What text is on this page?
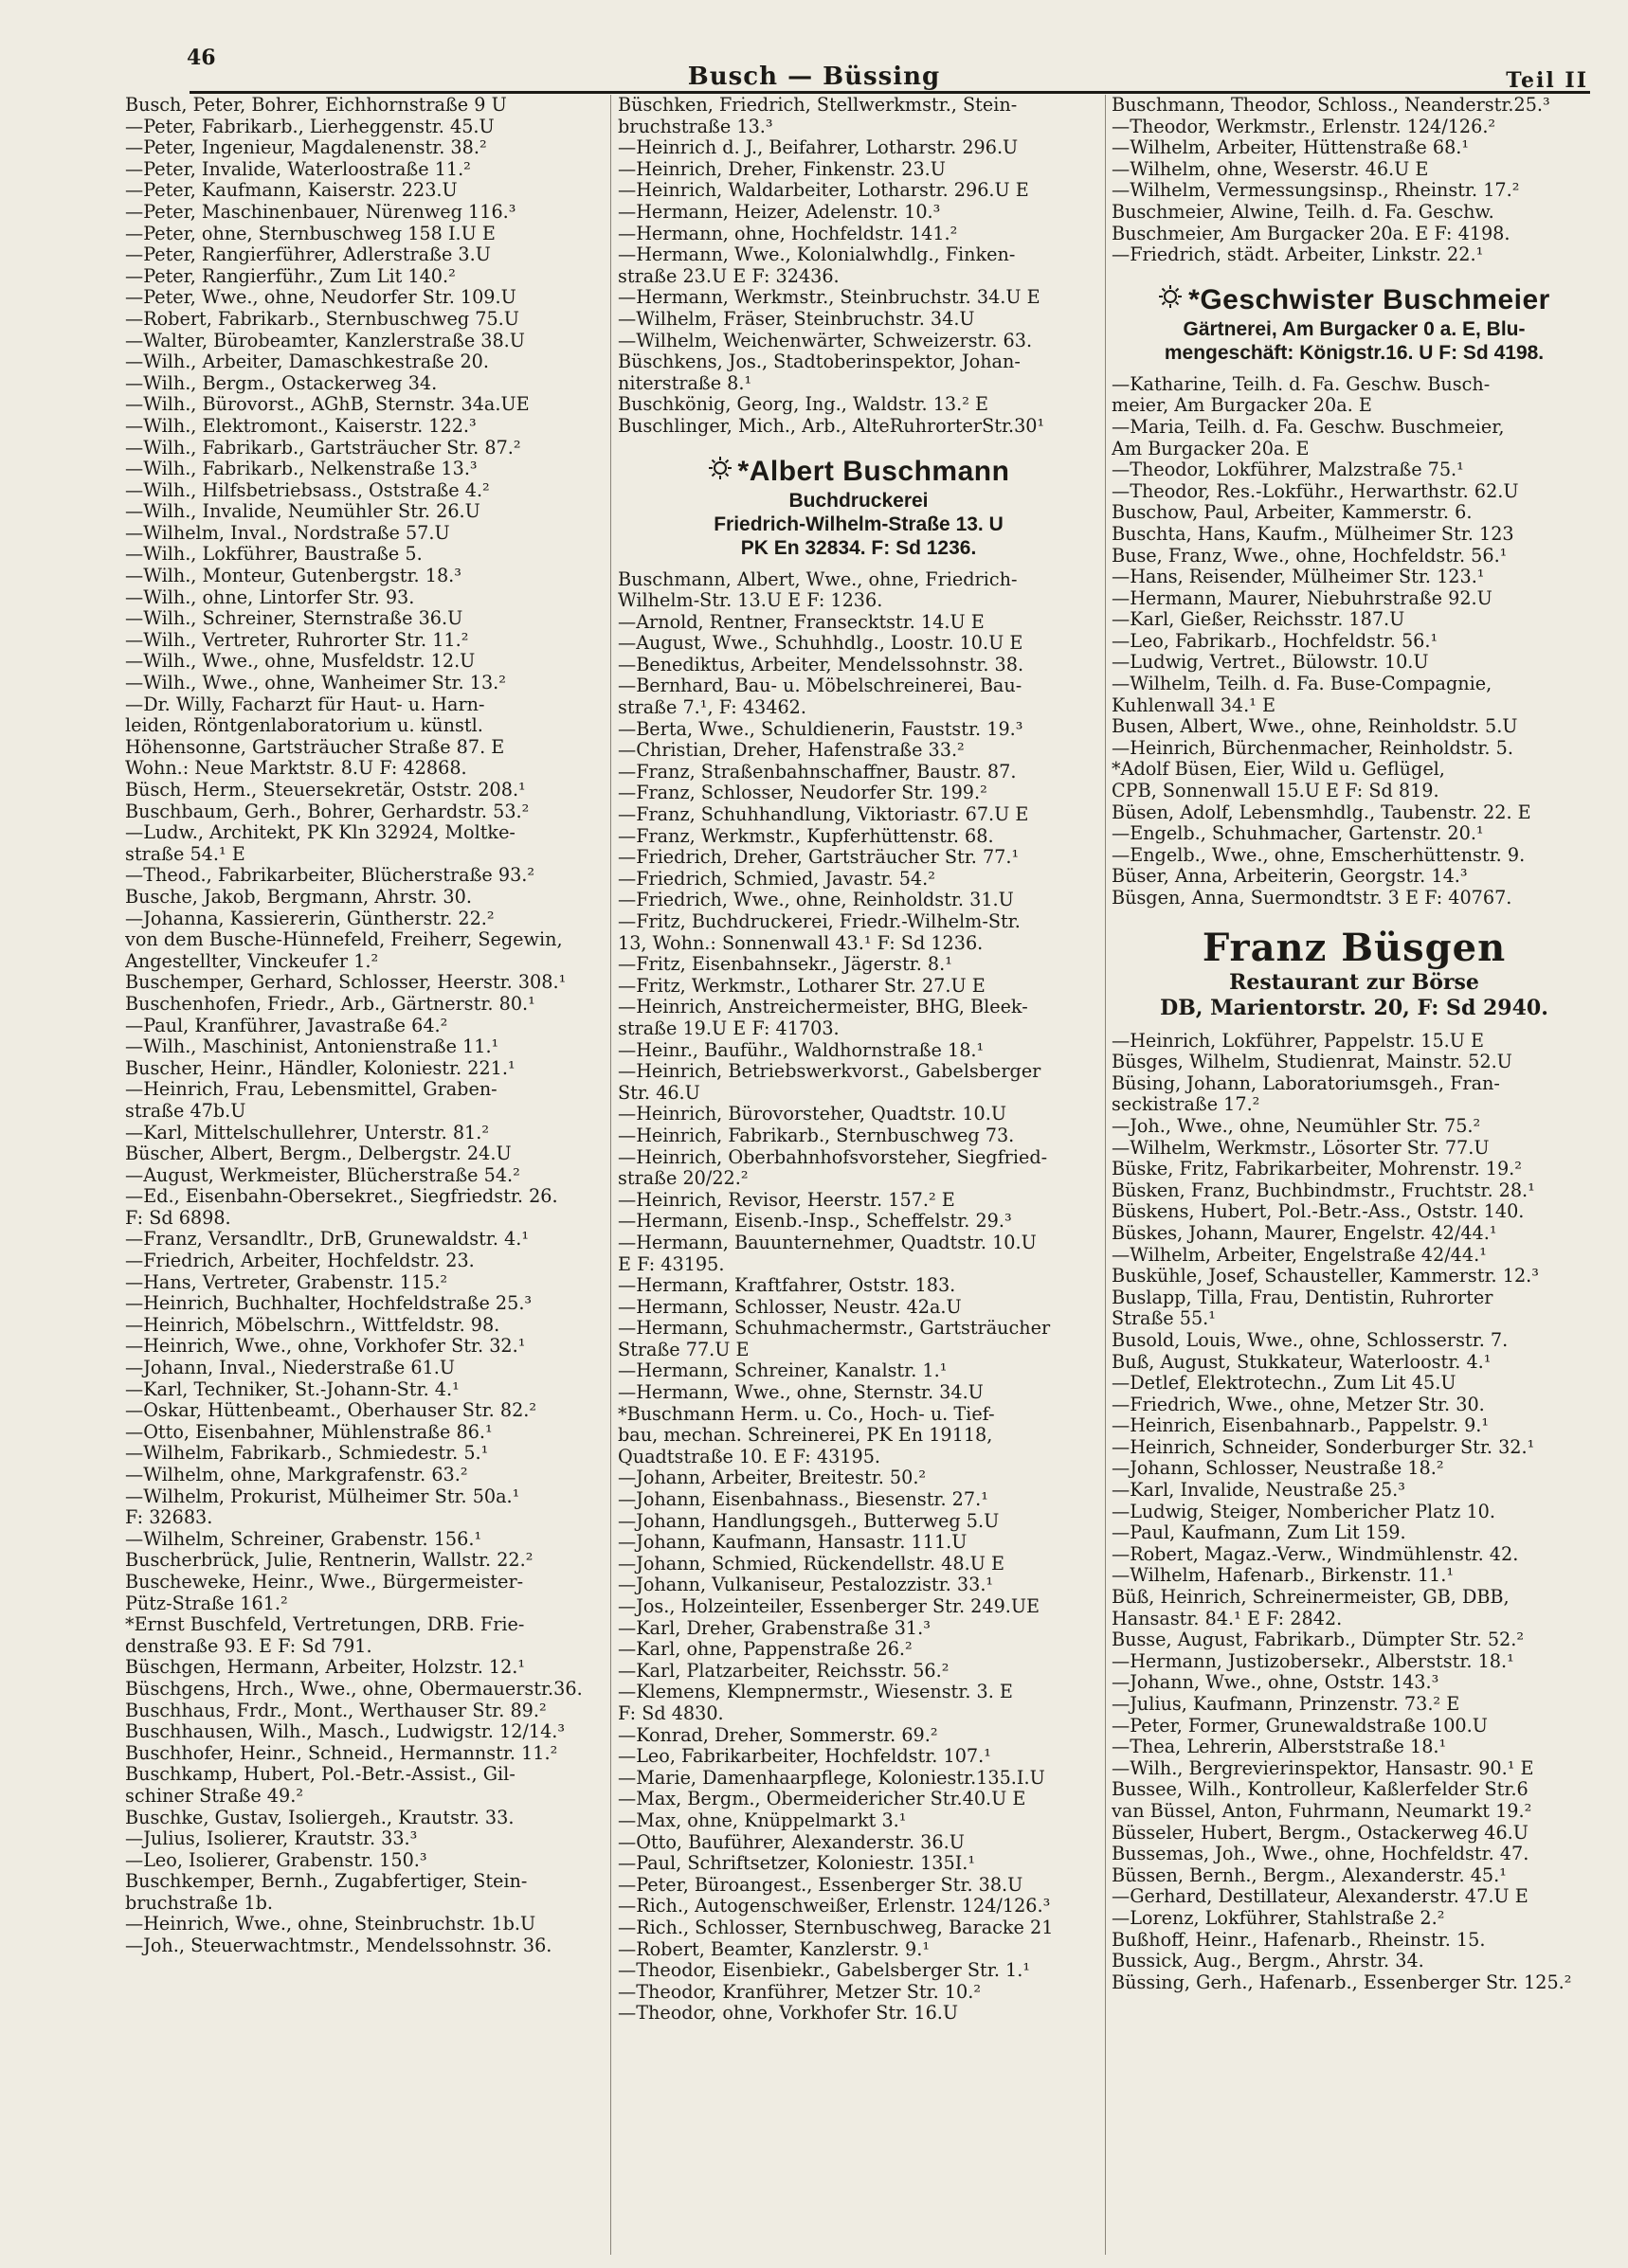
46
Busch — Büssing	Teil II
Busch, Peter, Bohrer, Eichhornstraße 9 U
—Peter, Fabrikarb., Lierheggenstr. 45.U
—Peter, Ingenieur, Magdalenenstr. 38.²
—Peter, Invalide, Waterloostraße 11.²
—Peter, Kaufmann, Kaiserstr. 223.U
—Peter, Maschinenbauer, Nürenweg 116.³
—Peter, ohne, Sternbuschweg 158 I.U E
—Peter, Rangierführer, Adlerstraße 3.U
—Peter, Rangierführ., Zum Lit 140.²
—Peter, Wwe., ohne, Neudorfer Str. 109.U
—Robert, Fabrikarb., Sternbuschweg 75.U
—Walter, Bürobeamter, Kanzlerstraße 38.U
—Wilh., Arbeiter, Damaschkestraße 20.
—Wilh., Bergm., Ostackerweg 34.
—Wilh., Bürovorst., AGhB, Sternstr. 34a.UE
—Wilh., Elektromont., Kaiserstr. 122.³
—Wilh., Fabrikarb., Gartsträucher Str. 87.²
—Wilh., Fabrikarb., Nelkenstraße 13.³
—Wilh., Hilfsbetriebsass., Oststraße 4.²
—Wilh., Invalide, Neumühler Str. 26.U
—Wilhelm, Inval., Nordstraße 57.U
—Wilh., Lokführer, Baustraße 5.
—Wilh., Monteur, Gutenbergstr. 18.³
—Wilh., ohne, Lintorfer Str. 93.
—Wilh., Schreiner, Sternstraße 36.U
—Wilh., Vertreter, Ruhrorter Str. 11.²
—Wilh., Wwe., ohne, Musfeldstr. 12.U
—Wilh., Wwe., ohne, Wanheimer Str. 13.²
—Dr. Willy, Facharzt für Haut- u. Harn-
leiden, Röntgenlaboratorium u. künstl.
Höhensonne, Gartsträucher Straße 87. E
Wohn.: Neue Marktstr. 8.U F: 42868.
Büsch, Herm., Steuersekretär, Oststr. 208.¹
Buschbaum, Gerh., Bohrer, Gerhardstr. 53.²
—Ludw., Architekt, PK Kln 32924, Moltke-
straße 54.¹ E
—Theod., Fabrikarbeiter, Blücherstraße 93.²
Busche, Jakob, Bergmann, Ahrstr. 30.
—Johanna, Kassiererin, Güntherstr. 22.²
von dem Busche-Hünnefeld, Freiherr, Segewin,
Angestellter, Vinckeufer 1.²
Buschemper, Gerhard, Schlosser, Heerstr. 308.¹
Buschenhofen, Friedr., Arb., Gärtnerstr. 80.¹
—Paul, Kranführer, Javastraße 64.²
—Wilh., Maschinist, Antonienstraße 11.¹
Buscher, Heinr., Händler, Koloniestr. 221.¹
—Heinrich, Frau, Lebensmittel, Graben-
straße 47b.U
—Karl, Mittelschullehrer, Unterstr. 81.²
Büscher, Albert, Bergm., Delbergstr. 24.U
—August, Werkmeister, Blücherstraße 54.²
—Ed., Eisenbahn-Obersekret., Siegfriedstr. 26.
F: Sd 6898.
—Franz, Versandltr., DrB, Grunewaldstr. 4.¹
—Friedrich, Arbeiter, Hochfeldstr. 23.
—Hans, Vertreter, Grabenstr. 115.²
—Heinrich, Buchhalter, Hochfeldstraße 25.³
—Heinrich, Möbelschrn., Wittfeldstr. 98.
—Heinrich, Wwe., ohne, Vorkhofer Str. 32.¹
—Johann, Inval., Niederstraße 61.U
—Karl, Techniker, St.-Johann-Str. 4.¹
—Oskar, Hüttenbeamt., Oberhauser Str. 82.²
—Otto, Eisenbahner, Mühlenstraße 86.¹
—Wilhelm, Fabrikarb., Schmiedestr. 5.¹
—Wilhelm, ohne, Markgrafenstr. 63.²
—Wilhelm, Prokurist, Mülheimer Str. 50a.¹
F: 32683.
—Wilhelm, Schreiner, Grabenstr. 156.¹
Buscherbrück, Julie, Rentnerin, Wallstr. 22.²
Buscheweke, Heinr., Wwe., Bürgermeister-
Pütz-Straße 161.²
*Ernst Buschfeld, Vertretungen, DRB. Frie-
denstraße 93. E F: Sd 791.
Büschgen, Hermann, Arbeiter, Holzstr. 12.¹
Büschgens, Hrch., Wwe., ohne, Obermauerstr.36.
Buschhaus, Frdr., Mont., Werthauser Str. 89.²
Buschhausen, Wilh., Masch., Ludwigstr. 12/14.³
Buschhofer, Heinr., Schneid., Hermannstr. 11.²
Buschkamp, Hubert, Pol.-Betr.-Assist., Gil-
schiner Straße 49.²
Buschke, Gustav, Isoliergeh., Krautstr. 33.
—Julius, Isolierer, Krautstr. 33.³
—Leo, Isolierer, Grabenstr. 150.³
Buschkemper, Bernh., Zugabfertiger, Stein-
bruchstraße 1b.
—Heinrich, Wwe., ohne, Steinbruchstr. 1b.U
—Joh., Steuerwachtmstr., Mendelssohnstr. 36.
Büschken, Friedrich, Stellwerkmstr., Stein-
bruchstraße 13.³
—Heinrich d. J., Beifahrer, Lotharstr. 296.U
—Heinrich, Dreher, Finkenstr. 23.U
—Heinrich, Waldarbeiter, Lotharstr. 296.U E
—Hermann, Heizer, Adelenstr. 10.³
—Hermann, ohne, Hochfeldstr. 141.²
—Hermann, Wwe., Kolonialwhdlg., Finken-
straße 23.U E F: 32436.
—Hermann, Werkmstr., Steinbruchstr. 34.U E
—Wilhelm, Fräser, Steinbruchstr. 34.U
—Wilhelm, Weichenwärter, Schweizerstr. 63.
Büschkens, Jos., Stadtoberinspektor, Johan-
niterstraße 8.¹
Buschkönig, Georg, Ing., Waldstr. 13.² E
Buschlinger, Mich., Arb., AlteRuhrorterStr.30¹
*Albert Buschmann
Buchdruckerei
Friedrich-Wilhelm-Straße 13. U
PK En 32834. F: Sd 1236.
Buschmann, Albert, Wwe., ohne, Friedrich-
Wilhelm-Str. 13.U E F: 1236.
—Arnold, Rentner, Fransecktstr. 14.U E
—August, Wwe., Schuhhdlg., Loostr. 10.U E
—Benediktus, Arbeiter, Mendelssohnstr. 38.
—Bernhard, Bau- u. Möbelschreinerei, Bau-
straße 7.¹, F: 43462.
—Berta, Wwe., Schuldienerin, Fauststr. 19.³
—Christian, Dreher, Hafenstraße 33.²
—Franz, Straßenbahnschaffner, Baustr. 87.
—Franz, Schlosser, Neudorfer Str. 199.²
—Franz, Schuhhandlung, Viktoriastr. 67.U E
—Franz, Werkmstr., Kupferhüttenstr. 68.
—Friedrich, Dreher, Gartsträucher Str. 77.¹
—Friedrich, Schmied, Javastr. 54.²
—Friedrich, Wwe., ohne, Reinholdstr. 31.U
—Fritz, Buchdruckerei, Friedr.-Wilhelm-Str.
13, Wohn.: Sonnenwall 43.¹ F: Sd 1236.
—Fritz, Eisenbahnsekr., Jägerstr. 8.¹
—Fritz, Werkmstr., Lotharer Str. 27.U E
—Heinrich, Anstreichermeister, BHG, Bleek-
straße 19.U E F: 41703.
—Heinr., Bauführ., Waldhornstraße 18.¹
—Heinrich, Betriebswerkvorst., Gabelsberger
Str. 46.U
—Heinrich, Bürovorsteher, Quadtstr. 10.U
—Heinrich, Fabrikarb., Sternbuschweg 73.
—Heinrich, Oberbahnhofsvorsteher, Siegfried-
straße 20/22.²
—Heinrich, Revisor, Heerstr. 157.² E
—Hermann, Eisenb.-Insp., Scheffelstr. 29.³
—Hermann, Bauunternehmer, Quadtstr. 10.U
E F: 43195.
—Hermann, Kraftfahrer, Oststr. 183.
—Hermann, Schlosser, Neustr. 42a.U
—Hermann, Schuhmachermstr., Gartsträucher
Straße 77.U E
—Hermann, Schreiner, Kanalstr. 1.¹
—Hermann, Wwe., ohne, Sternstr. 34.U
*Buschmann Herm. u. Co., Hoch- u. Tief-
bau, mechan. Schreinerei, PK En 19118,
Quadtstraße 10. E F: 43195.
—Johann, Arbeiter, Breitestr. 50.²
—Johann, Eisenbahnass., Biesenstr. 27.¹
—Johann, Handlungsgeh., Butterweg 5.U
—Johann, Kaufmann, Hansastr. 111.U
—Johann, Schmied, Rückendellstr. 48.U E
—Johann, Vulkaniseur, Pestalozzistr. 33.¹
—Jos., Holzeinteiler, Essenberger Str. 249.UE
—Karl, Dreher, Grabenstraße 31.³
—Karl, ohne, Pappenstraße 26.²
—Karl, Platzarbeiter, Reichsstr. 56.²
—Klemens, Klempnermstr., Wiesenstr. 3. E
F: Sd 4830.
—Konrad, Dreher, Sommerstr. 69.²
—Leo, Fabrikarbeiter, Hochfeldstr. 107.¹
—Marie, Damenhaarpflege, Koloniestr.135.I.U
—Max, Bergm., Obermeidericher Str.40.U E
—Max, ohne, Knüppelmarkt 3.¹
—Otto, Bauführer, Alexanderstr. 36.U
—Paul, Schriftsetzer, Koloniestr. 135I.¹
—Peter, Büroangest., Essenberger Str. 38.U
—Rich., Autogenschweißer, Erlenstr. 124/126.³
—Rich., Schlosser, Sternbuschweg, Baracke 21
—Robert, Beamter, Kanzlerstr. 9.¹
—Theodor, Eisenbiekr., Gabelsberger Str. 1.¹
—Theodor, Kranführer, Metzer Str. 10.²
—Theodor, ohne, Vorkhofer Str. 16.U
Buschmann, Theodor, Schloss., Neanderstr.25.³
—Theodor, Werkmstr., Erlenstr. 124/126.²
—Wilhelm, Arbeiter, Hüttenstraße 68.¹
—Wilhelm, ohne, Weserstr. 46.U E
—Wilhelm, Vermessungsinsp., Rheinstr. 17.²
Buschmeier, Alwine, Teilh. d. Fa. Geschw.
Buschmeier, Am Burgacker 20a. E F: 4198.
—Friedrich, städt. Arbeiter, Linkstr. 22.¹
*Geschwister Buschmeier
Gärtnerei, Am Burgacker 0 a. E, Blu-
mengeschäft: Königstr.16. U F: Sd 4198.
—Katharine, Teilh. d. Fa. Geschw. Busch-
meier, Am Burgacker 20a. E
—Maria, Teilh. d. Fa. Geschw. Buschmeier,
Am Burgacker 20a. E
—Theodor, Lokführer, Malzstraße 75.¹
—Theodor, Res.-Lokführ., Herwarthstr. 62.U
Buschow, Paul, Arbeiter, Kammerstr. 6.
Buschta, Hans, Kaufm., Mülheimer Str. 123
Buse, Franz, Wwe., ohne, Hochfeldstr. 56.¹
—Hans, Reisender, Mülheimer Str. 123.¹
—Hermann, Maurer, Niebuhrstraße 92.U
—Karl, Gießer, Reichsstr. 187.U
—Leo, Fabrikarb., Hochfeldstr. 56.¹
—Ludwig, Vertret., Bülowstr. 10.U
—Wilhelm, Teilh. d. Fa. Buse-Compagnie,
Kuhlenwall 34.¹ E
Busen, Albert, Wwe., ohne, Reinholdstr. 5.U
—Heinrich, Bürchenmacher, Reinholdstr. 5.
*Adolf Büsen, Eier, Wild u. Geflügel,
CPB, Sonnenwall 15.U E F: Sd 819.
Büsen, Adolf, Lebensmhdlg., Taubenstr. 22. E
—Engelb., Schuhmacher, Gartenstr. 20.¹
—Engelb., Wwe., ohne, Emscherhüttenstr. 9.
Büser, Anna, Arbeiterin, Georgstr. 14.³
Büsgen, Anna, Suermondtstr. 3 E F: 40767.
Franz Büsgen
Restaurant zur Börse
DB, Marientorstr. 20, F: Sd 2940.
—Heinrich, Lokführer, Pappelstr. 15.U E
Büsges, Wilhelm, Studienrat, Mainstr. 52.U
Büsing, Johann, Laboratoriumsgeh., Fran-
seckistraße 17.²
—Joh., Wwe., ohne, Neumühler Str. 75.²
—Wilhelm, Werkmstr., Lösorter Str. 77.U
Büske, Fritz, Fabrikarbeiter, Mohrenstr. 19.²
Büsken, Franz, Buchbindmstr., Fruchtstr. 28.¹
Büskens, Hubert, Pol.-Betr.-Ass., Oststr. 140.
Büskes, Johann, Maurer, Engelstr. 42/44.¹
—Wilhelm, Arbeiter, Engelstraße 42/44.¹
Buskühle, Josef, Schausteller, Kammerstr. 12.³
Buslapp, Tilla, Frau, Dentistin, Ruhrorter
Straße 55.¹
Busold, Louis, Wwe., ohne, Schlosserstr. 7.
Buß, August, Stukkateur, Waterloostr. 4.¹
—Detlef, Elektrotechn., Zum Lit 45.U
—Friedrich, Wwe., ohne, Metzer Str. 30.
—Heinrich, Eisenbahnarb., Pappelstr. 9.¹
—Heinrich, Schneider, Sonderburger Str. 32.¹
—Johann, Schlosser, Neustraße 18.²
—Karl, Invalide, Neustraße 25.³
—Ludwig, Steiger, Nombericher Platz 10.
—Paul, Kaufmann, Zum Lit 159.
—Robert, Magaz.-Verw., Windmühlenstr. 42.
—Wilhelm, Hafenarb., Birkenstr. 11.¹
Büß, Heinrich, Schreinermeister, GB, DBB,
Hansastr. 84.¹ E F: 2842.
Busse, August, Fabrikarb., Dümpter Str. 52.²
—Hermann, Justizobersekr., Alberststr. 18.¹
—Johann, Wwe., ohne, Oststr. 143.³
—Julius, Kaufmann, Prinzenstr. 73.² E
—Peter, Former, Grunewaldstraße 100.U
—Thea, Lehrerin, Alberststraße 18.¹
—Wilh., Bergrevierinspektor, Hansastr. 90.¹ E
Bussee, Wilh., Kontrolleur, Kaßlerfelder Str.6
van Büssel, Anton, Fuhrmann, Neumarkt 19.²
Büsseler, Hubert, Bergm., Ostackerweg 46.U
Bussemas, Joh., Wwe., ohne, Hochfeldstr. 47.
Büssen, Bernh., Bergm., Alexanderstr. 45.¹
—Gerhard, Destillateur, Alexanderstr. 47.U E
—Lorenz, Lokführer, Stahlstraße 2.²
Bußhoff, Heinr., Hafenarb., Rheinstr. 15.
Bussick, Aug., Bergm., Ahrstr. 34.
Büssing, Gerh., Hafenarb., Essenberger Str. 125.²
